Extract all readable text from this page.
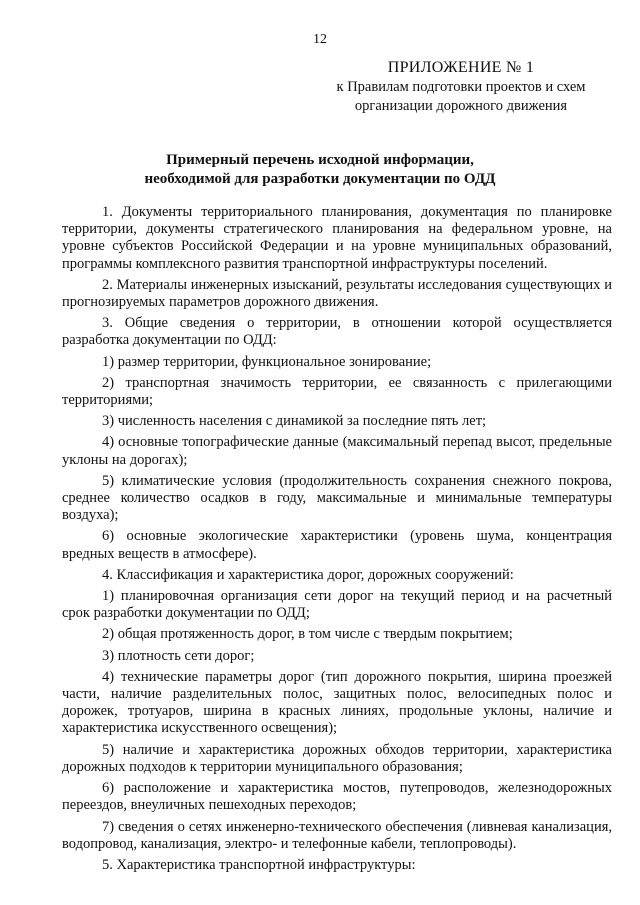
12
ПРИЛОЖЕНИЕ № 1
к Правилам подготовки проектов и схем
организации дорожного движения
Примерный перечень исходной информации,
необходимой для разработки документации по ОДД

1. Документы территориального планирования, документация по планировке территории, документы стратегического планирования на федеральном уровне, на уровне субъектов Российской Федерации и на уровне муниципальных образований, программы комплексного развития транспортной инфраструктуры поселений.

2. Материалы инженерных изысканий, результаты исследования существующих и прогнозируемых параметров дорожного движения.

3. Общие сведения о территории, в отношении которой осуществляется разработка документации по ОДД:

1) размер территории, функциональное зонирование;

2) транспортная значимость территории, ее связанность с прилегающими территориями;

3) численность населения с динамикой за последние пять лет;

4) основные топографические данные (максимальный перепад высот, предельные уклоны на дорогах);

5) климатические условия (продолжительность сохранения снежного покрова, среднее количество осадков в году, максимальные и минимальные температуры воздуха);

6) основные экологические характеристики (уровень шума, концентрация вредных веществ в атмосфере).

4. Классификация и характеристика дорог, дорожных сооружений:

1) планировочная организация сети дорог на текущий период и на расчетный срок разработки документации по ОДД;

2) общая протяженность дорог, в том числе с твердым покрытием;

3) плотность сети дорог;

4) технические параметры дорог (тип дорожного покрытия, ширина проезжей части, наличие разделительных полос, защитных полос, велосипедных полос и дорожек, тротуаров, ширина в красных линиях, продольные уклоны, наличие и характеристика искусственного освещения);

5) наличие и характеристика дорожных обходов территории, характеристика дорожных подходов к территории муниципального образования;

6) расположение и характеристика мостов, путепроводов, железнодорожных переездов, внеуличных пешеходных переходов;

7) сведения о сетях инженерно-технического обеспечения (ливневая канализация, водопровод, канализация, электро- и телефонные кабели, теплопроводы).

5. Характеристика транспортной инфраструктуры:
